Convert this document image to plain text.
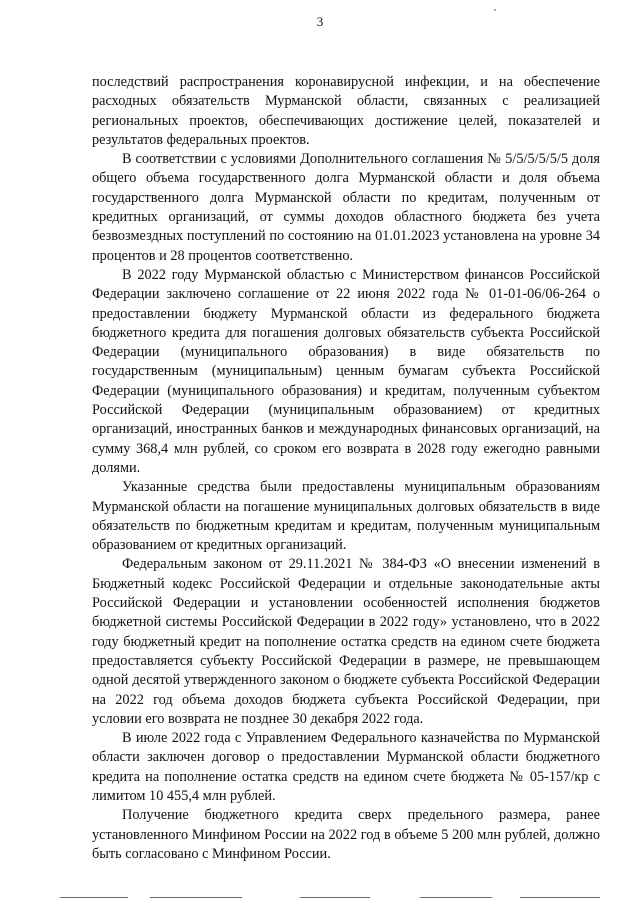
3

последствий распространения коронавирусной инфекции, и на обеспечение расходных обязательств Мурманской области, связанных с реализацией региональных проектов, обеспечивающих достижение целей, показателей и результатов федеральных проектов.

В соответствии с условиями Дополнительного соглашения № 5/5/5/5/5/5 доля общего объема государственного долга Мурманской области и доля объема государственного долга Мурманской области по кредитам, полученным от кредитных организаций, от суммы доходов областного бюджета без учета безвозмездных поступлений по состоянию на 01.01.2023 установлена на уровне 34 процентов и 28 процентов соответственно.

В 2022 году Мурманской областью с Министерством финансов Российской Федерации заключено соглашение от 22 июня 2022 года № 01-01-06/06-264 о предоставлении бюджету Мурманской области из федерального бюджета бюджетного кредита для погашения долговых обязательств субъекта Российской Федерации (муниципального образования) в виде обязательств по государственным (муниципальным) ценным бумагам субъекта Российской Федерации (муниципального образования) и кредитам, полученным субъектом Российской Федерации (муниципальным образованием) от кредитных организаций, иностранных банков и международных финансовых организаций, на сумму 368,4 млн рублей, со сроком его возврата в 2028 году ежегодно равными долями.

Указанные средства были предоставлены муниципальным образованиям Мурманской области на погашение муниципальных долговых обязательств в виде обязательств по бюджетным кредитам и кредитам, полученным муниципальным образованием от кредитных организаций.

Федеральным законом от 29.11.2021 № 384-ФЗ «О внесении изменений в Бюджетный кодекс Российской Федерации и отдельные законодательные акты Российской Федерации и установлении особенностей исполнения бюджетов бюджетной системы Российской Федерации в 2022 году» установлено, что в 2022 году бюджетный кредит на пополнение остатка средств на едином счете бюджета предоставляется субъекту Российской Федерации в размере, не превышающем одной десятой утвержденного законом о бюджете субъекта Российской Федерации на 2022 год объема доходов бюджета субъекта Российской Федерации, при условии его возврата не позднее 30 декабря 2022 года.

В июле 2022 года с Управлением Федерального казначейства по Мурманской области заключен договор о предоставлении Мурманской области бюджетного кредита на пополнение остатка средств на едином счете бюджета № 05-157/кр с лимитом 10 455,4 млн рублей.

Получение бюджетного кредита сверх предельного размера, ранее установленного Минфином России на 2022 год в объеме 5 200 млн рублей, должно быть согласовано с Минфином России.
